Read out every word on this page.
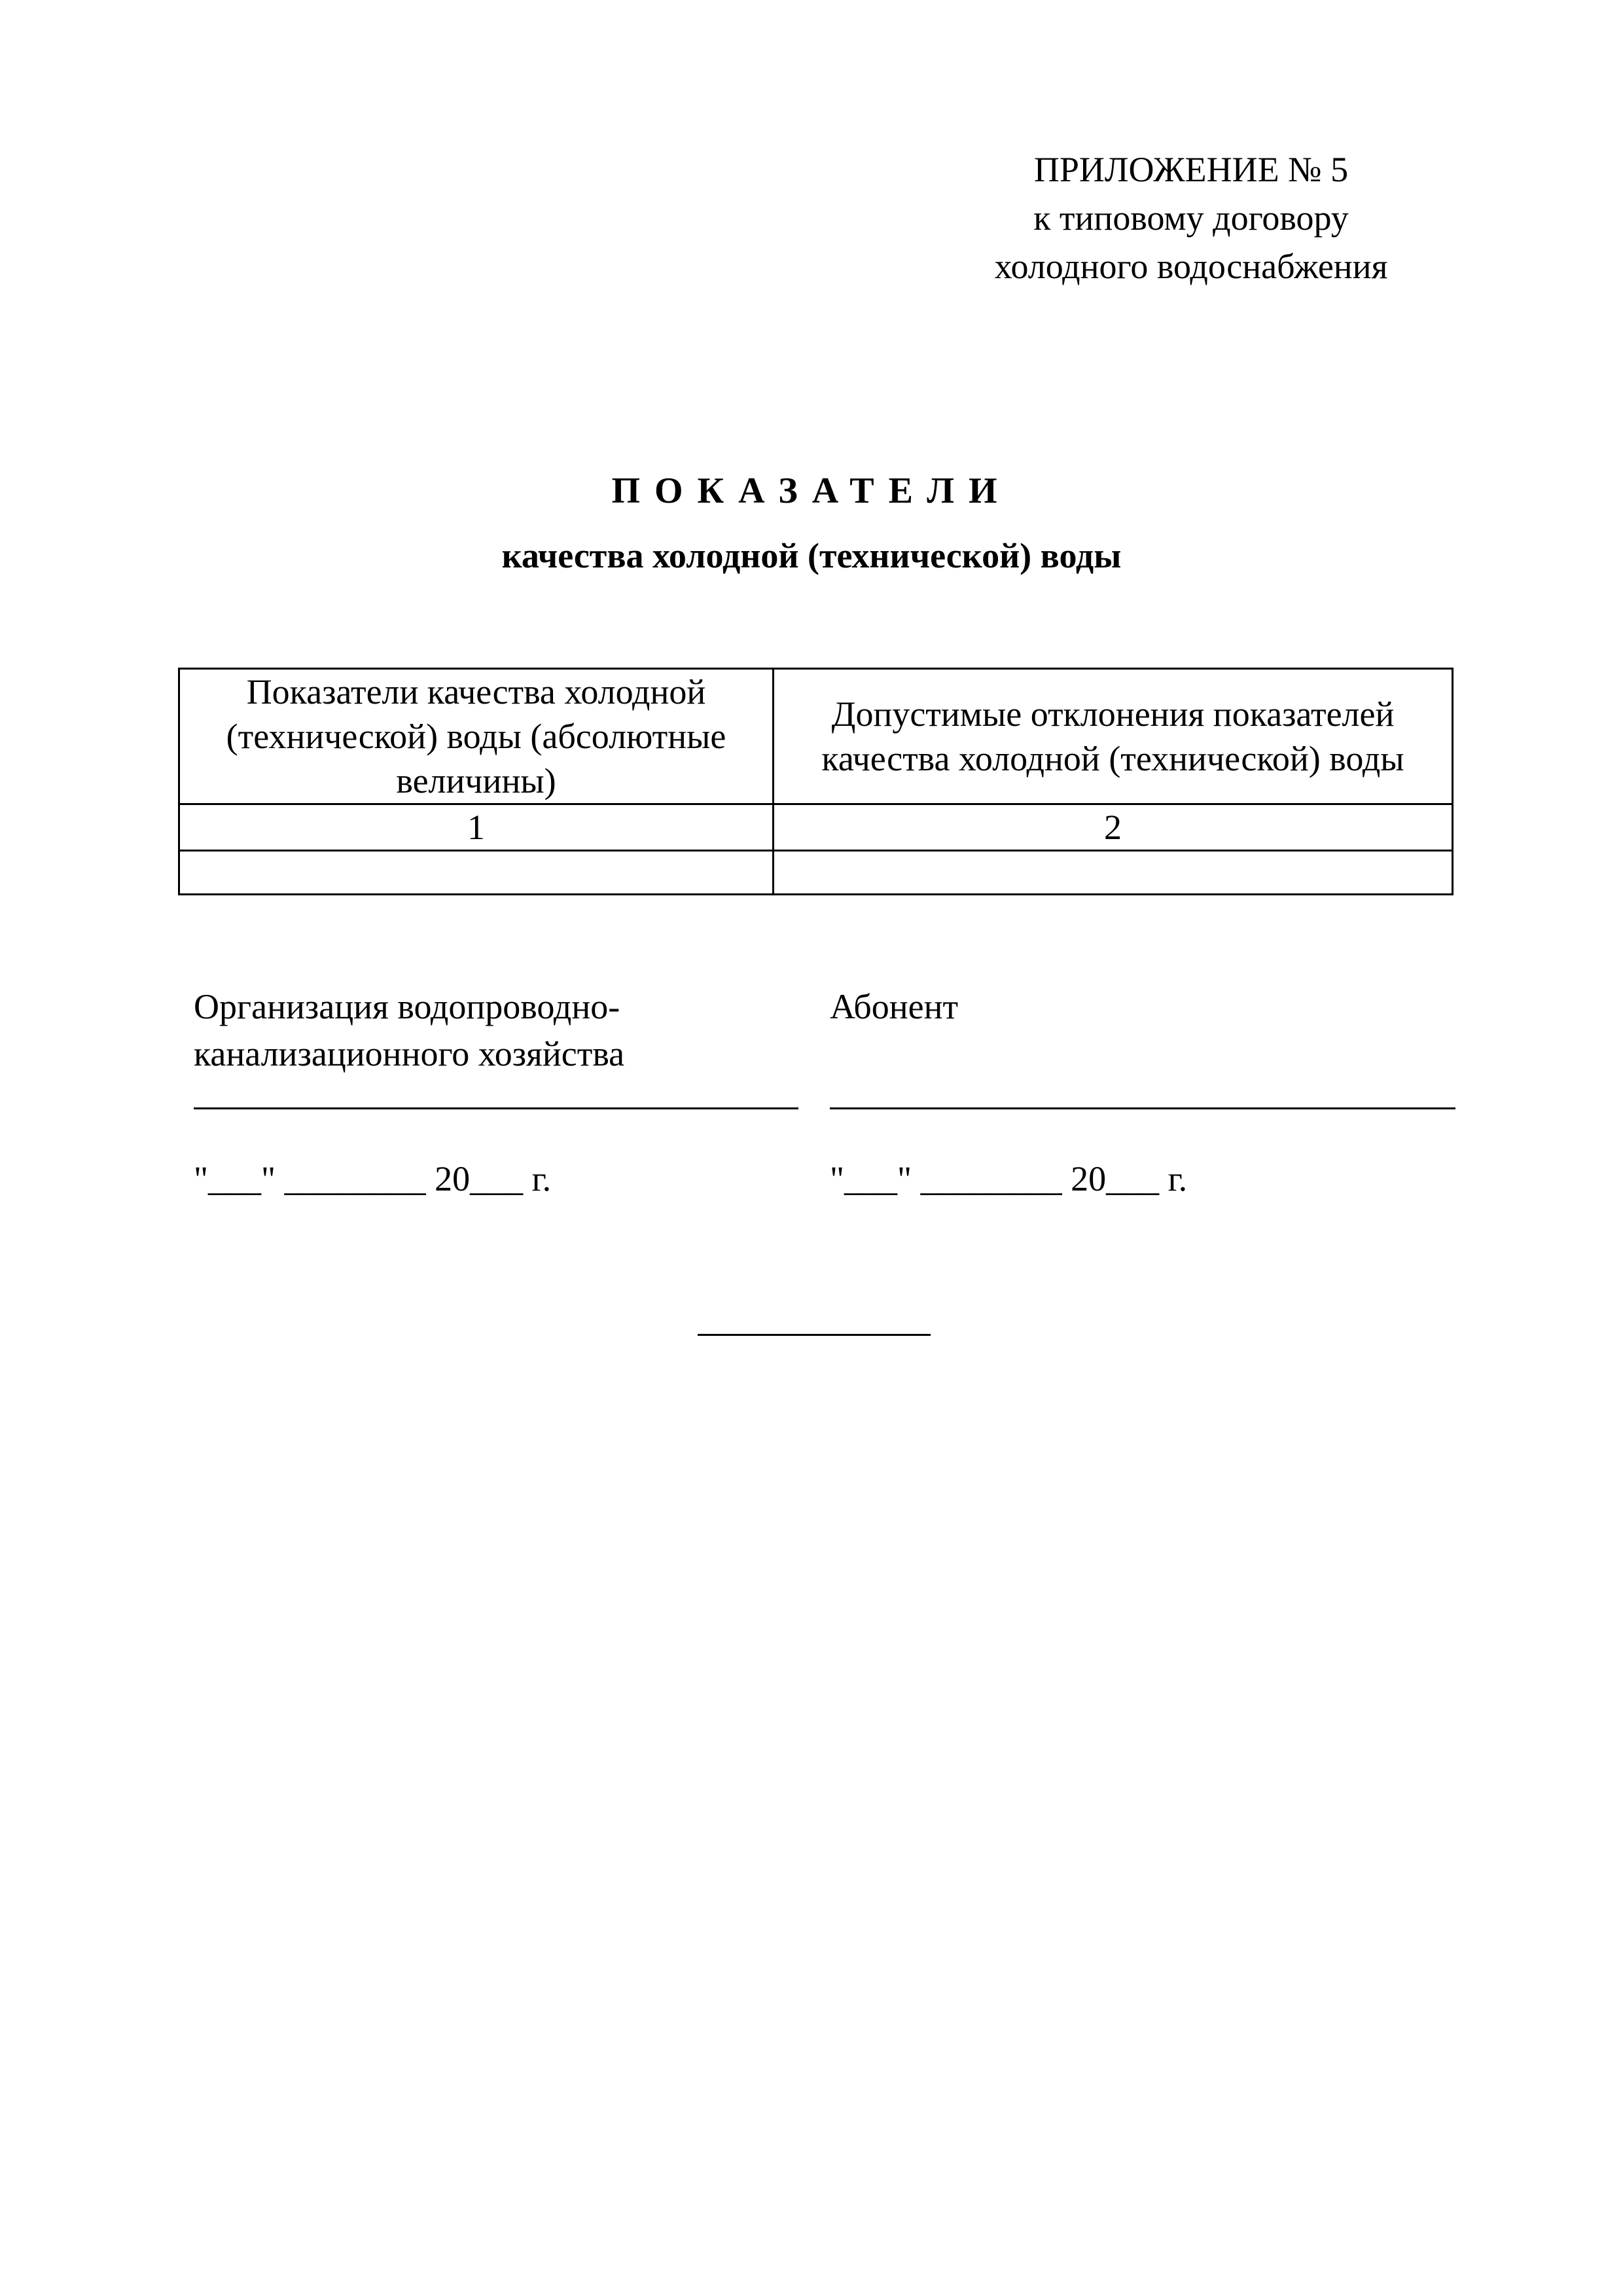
ПРИЛОЖЕНИЕ № 5
к типовому договору
холодного водоснабжения
ПОКАЗАТЕЛИ
качества холодной (технической) воды
Показатели качества холодной (технической) воды (абсолютные величины)	Допустимые отклонения показателей качества холодной (технической) воды
1	2

Организация водопроводно-канализационного хозяйства
Абонент
"___" ________ 20___ г.	"___" ________ 20___ г.
